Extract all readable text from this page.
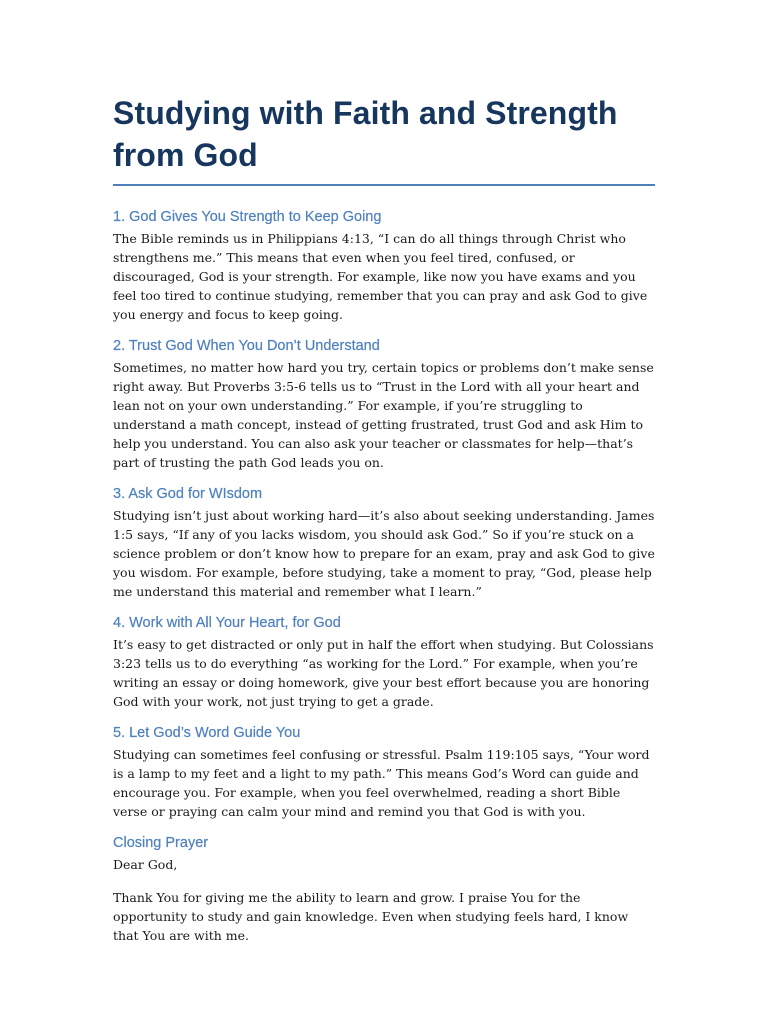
Studying with Faith and Strength from God
1. God Gives You Strength to Keep Going

The Bible reminds us in Philippians 4:13, “I can do all things through Christ who strengthens me.” This means that even when you feel tired, confused, or discouraged, God is your strength. For example, like now you have exams and you feel too tired to continue studying, remember that you can pray and ask God to give you energy and focus to keep going.

2. Trust God When You Don’t Understand

Sometimes, no matter how hard you try, certain topics or problems don’t make sense right away. But Proverbs 3:5-6 tells us to “Trust in the Lord with all your heart and lean not on your own understanding.” For example, if you’re struggling to understand a math concept, instead of getting frustrated, trust God and ask Him to help you understand. You can also ask your teacher or classmates for help—that’s part of trusting the path God leads you on.

3. Ask God for WIsdom

Studying isn’t just about working hard—it’s also about seeking understanding. James 1:5 says, “If any of you lacks wisdom, you should ask God.” So if you’re stuck on a science problem or don’t know how to prepare for an exam, pray and ask God to give you wisdom. For example, before studying, take a moment to pray, “God, please help me understand this material and remember what I learn.”

4. Work with All Your Heart, for God

It’s easy to get distracted or only put in half the effort when studying. But Colossians 3:23 tells us to do everything “as working for the Lord.” For example, when you’re writing an essay or doing homework, give your best effort because you are honoring God with your work, not just trying to get a grade.

5. Let God’s Word Guide You

Studying can sometimes feel confusing or stressful. Psalm 119:105 says, “Your word is a lamp to my feet and a light to my path.” This means God’s Word can guide and encourage you. For example, when you feel overwhelmed, reading a short Bible verse or praying can calm your mind and remind you that God is with you.

Closing Prayer

Dear God,

Thank You for giving me the ability to learn and grow. I praise You for the opportunity to study and gain knowledge. Even when studying feels hard, I know that You are with me.
